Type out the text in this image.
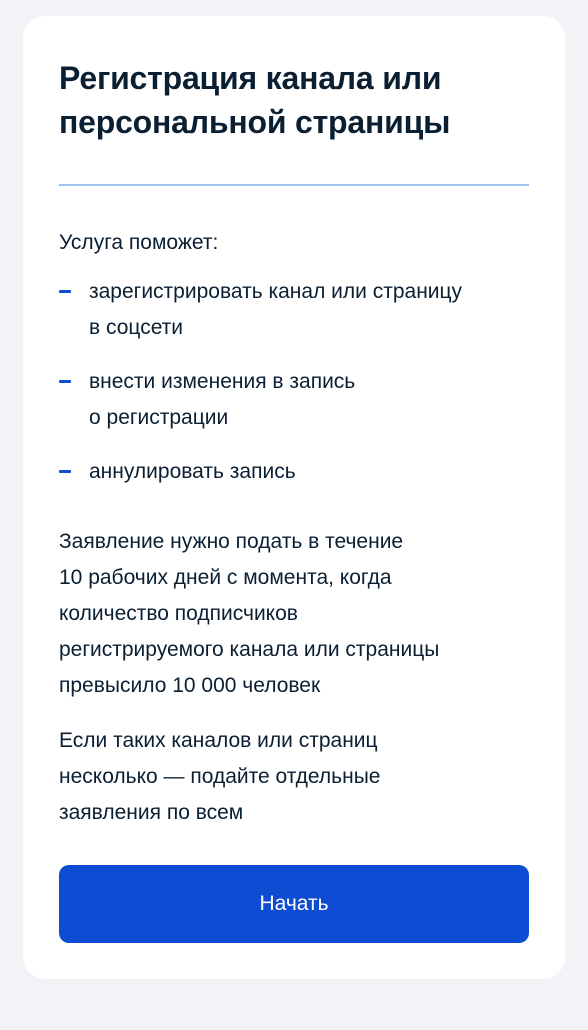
Регистрация канала или персональной страницы

Услуга поможет:

зарегистрировать канал или страницу
в соцсети
внести изменения в запись
о регистрации
аннулировать запись

Заявление нужно подать в течение
10 рабочих дней с момента, когда
количество подписчиков
регистрируемого канала или страницы
превысило 10 000 человек

Если таких каналов или страниц
несколько — подайте отдельные
заявления по всем

Начать
